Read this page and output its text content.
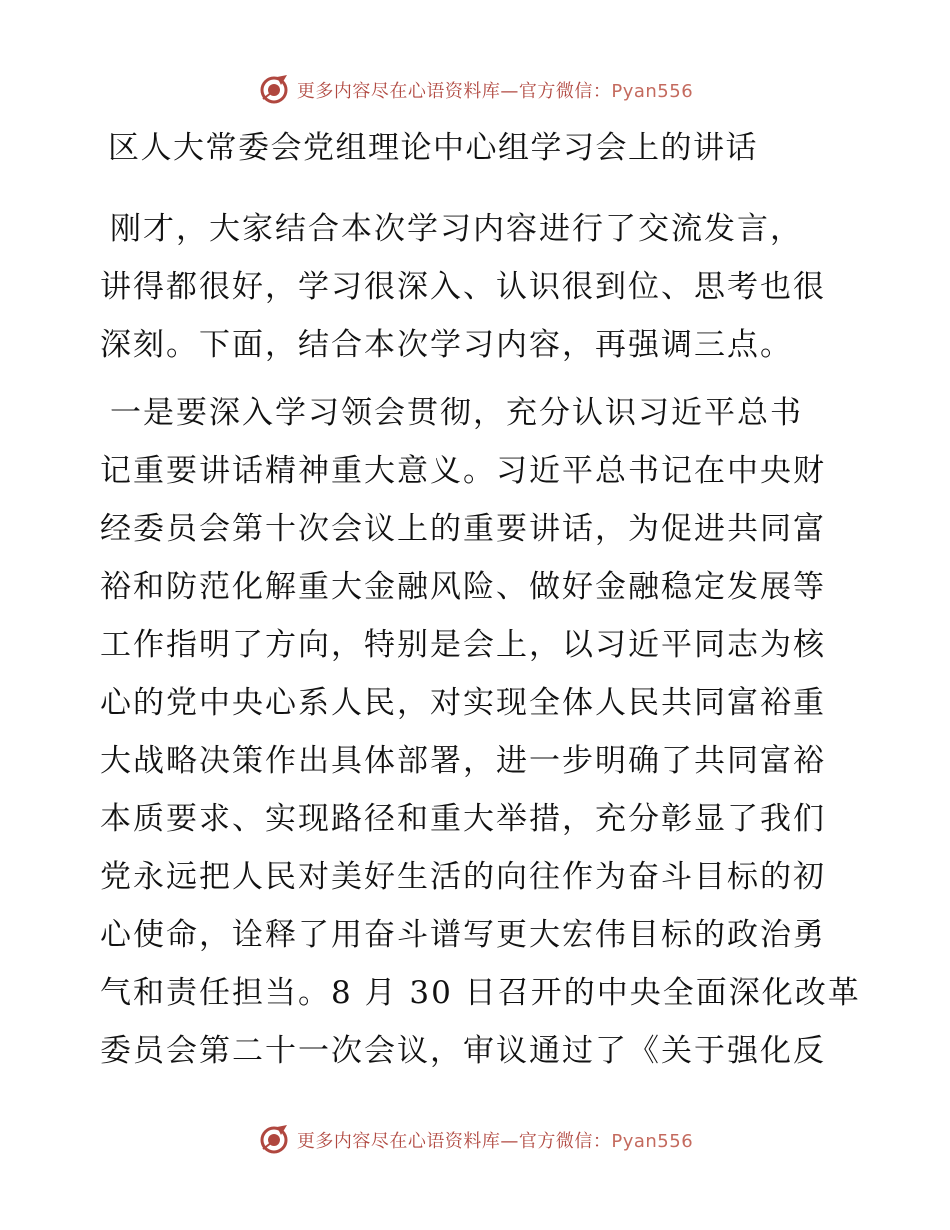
更多内容尽在心语资料库—官方微信：Pyan556
区人大常委会党组理论中心组学习会上的讲话
刚才，大家结合本次学习内容进行了交流发言，
讲得都很好，学习很深入、认识很到位、思考也很
深刻。下面，结合本次学习内容，再强调三点。
一是要深入学习领会贯彻，充分认识习近平总书
记重要讲话精神重大意义。习近平总书记在中央财
经委员会第十次会议上的重要讲话，为促进共同富
裕和防范化解重大金融风险、做好金融稳定发展等
工作指明了方向，特别是会上，以习近平同志为核
心的党中央心系人民，对实现全体人民共同富裕重
大战略决策作出具体部署，进一步明确了共同富裕
本质要求、实现路径和重大举措，充分彰显了我们
党永远把人民对美好生活的向往作为奋斗目标的初
心使命，诠释了用奋斗谱写更大宏伟目标的政治勇
气和责任担当。8 月 30 日召开的中央全面深化改革
委员会第二十一次会议，审议通过了《关于强化反
更多内容尽在心语资料库—官方微信：Pyan556
